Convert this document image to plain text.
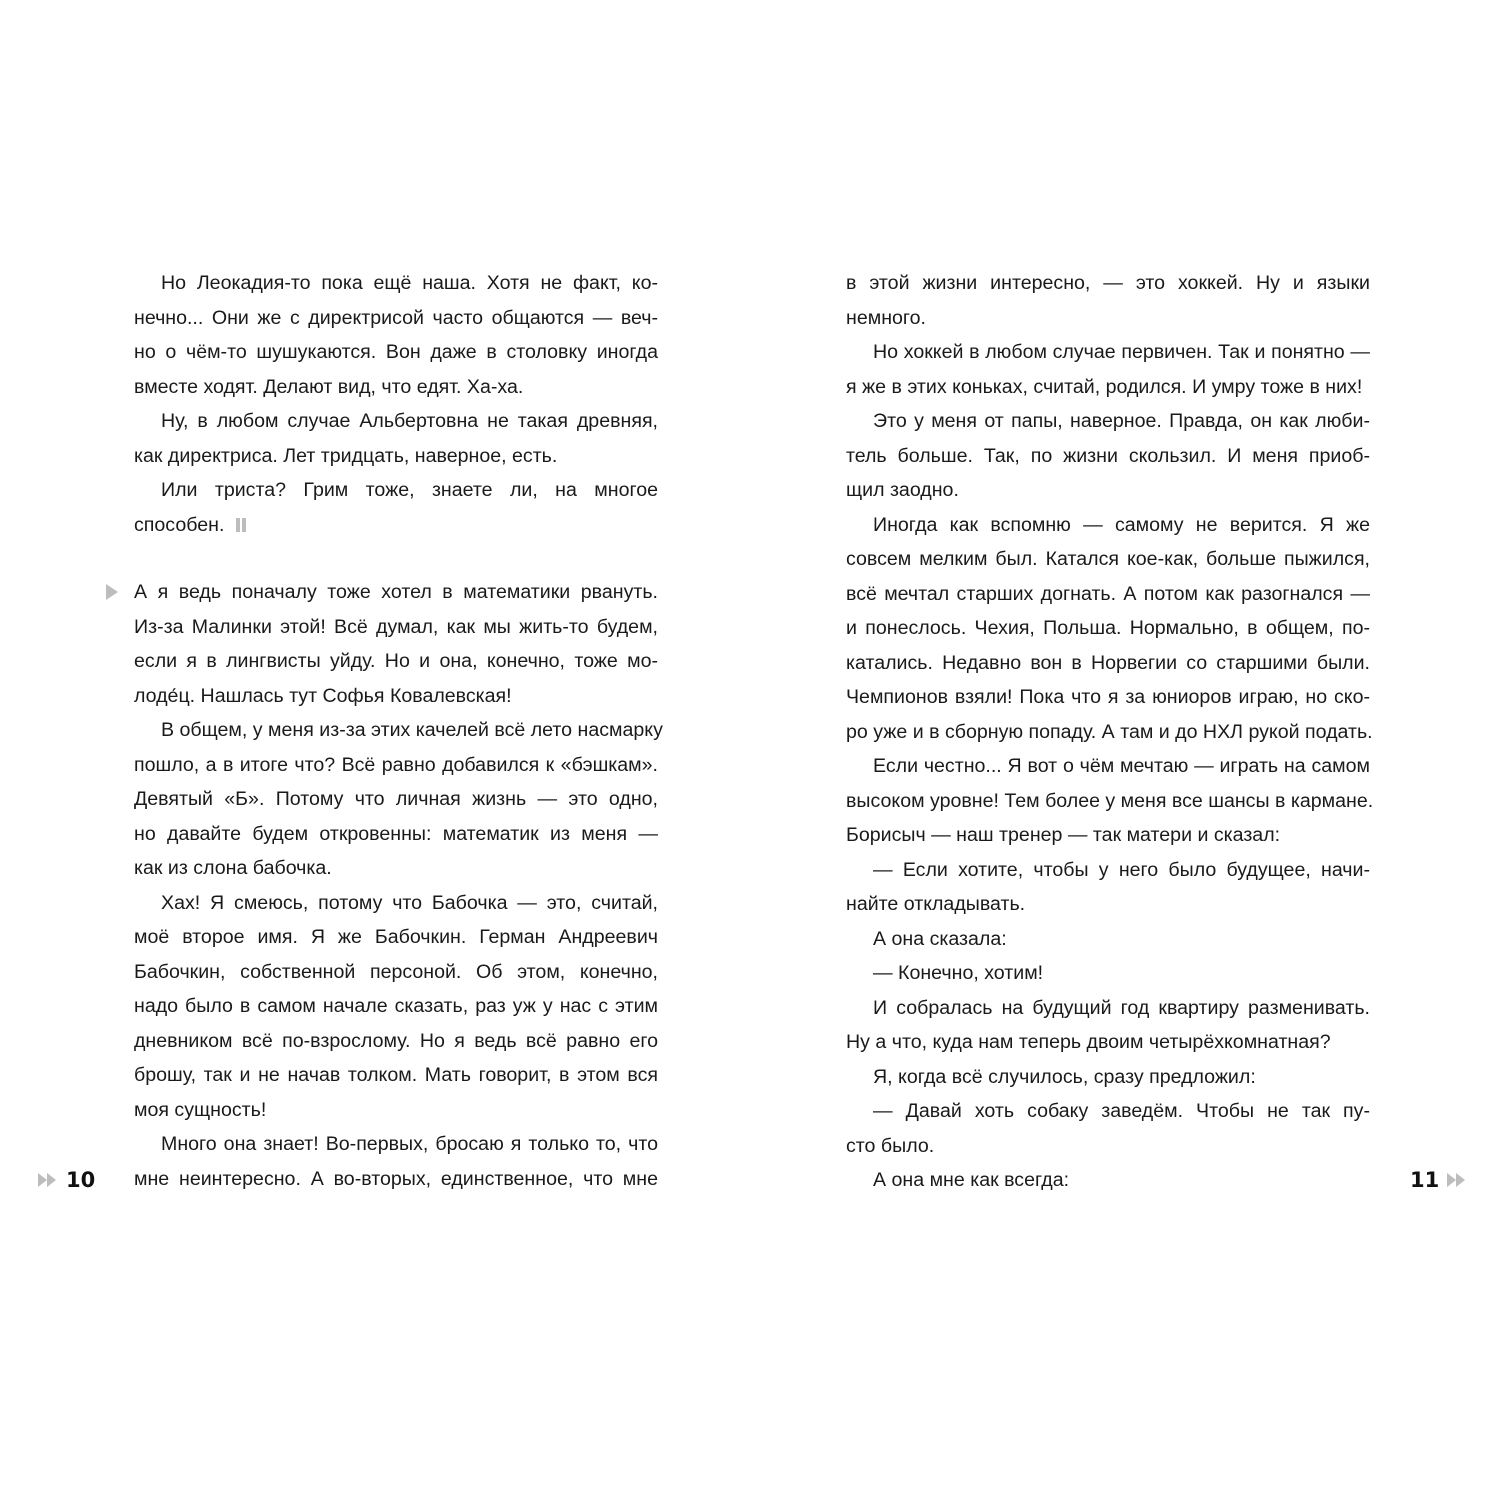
Но Леокадия-то пока ещё наша. Хотя не факт, ко-
нечно... Они же с директрисой часто общаются — веч-
но о чём-то шушукаются. Вон даже в столовку иногда
вместе ходят. Делают вид, что едят. Ха-ха.
Ну, в любом случае Альбертовна не такая древняя,
как директриса. Лет тридцать, наверное, есть.
Или триста? Грим тоже, знаете ли, на многое
способен.
А я ведь поначалу тоже хотел в математики рвануть.
Из-за Малинки этой! Всё думал, как мы жить-то будем,
если я в лингвисты уйду. Но и она, конечно, тоже мо-
лоде́ц. Нашлась тут Софья Ковалевская!
В общем, у меня из-за этих качелей всё лето насмарку
пошло, а в итоге что? Всё равно добавился к «бэшкам».
Девятый «Б». Потому что личная жизнь — это одно,
но давайте будем откровенны: математик из меня —
как из слона бабочка.
Хах! Я смеюсь, потому что Бабочка — это, считай,
моё второе имя. Я же Бабочкин. Герман Андреевич
Бабочкин, собственной персоной. Об этом, конечно,
надо было в самом начале сказать, раз уж у нас с этим
дневником всё по-взрослому. Но я ведь всё равно его
брошу, так и не начав толком. Мать говорит, в этом вся
моя сущность!
Много она знает! Во-первых, бросаю я только то, что
мне неинтересно. А во-вторых, единственное, что мне
в этой жизни интересно, — это хоккей. Ну и языки
немного.
Но хоккей в любом случае первичен. Так и понятно —
я же в этих коньках, считай, родился. И умру тоже в них!
Это у меня от папы, наверное. Правда, он как люби-
тель больше. Так, по жизни скользил. И меня приоб-
щил заодно.
Иногда как вспомню — самому не верится. Я же
совсем мелким был. Катался кое-как, больше пыжился,
всё мечтал старших догнать. А потом как разогнался —
и понеслось. Чехия, Польша. Нормально, в общем, по-
катались. Недавно вон в Норвегии со старшими были.
Чемпионов взяли! Пока что я за юниоров играю, но ско-
ро уже и в сборную попаду. А там и до НХЛ рукой подать.
Если честно... Я вот о чём мечтаю — играть на самом
высоком уровне! Тем более у меня все шансы в кармане.
Борисыч — наш тренер — так матери и сказал:
— Если хотите, чтобы у него было будущее, начи-
найте откладывать.
А она сказала:
— Конечно, хотим!
И собралась на будущий год квартиру разменивать.
Ну а что, куда нам теперь двоим четырёхкомнатная?
Я, когда всё случилось, сразу предложил:
— Давай хоть собаку заведём. Чтобы не так пу-
сто было.
А она мне как всегда:
10	11
